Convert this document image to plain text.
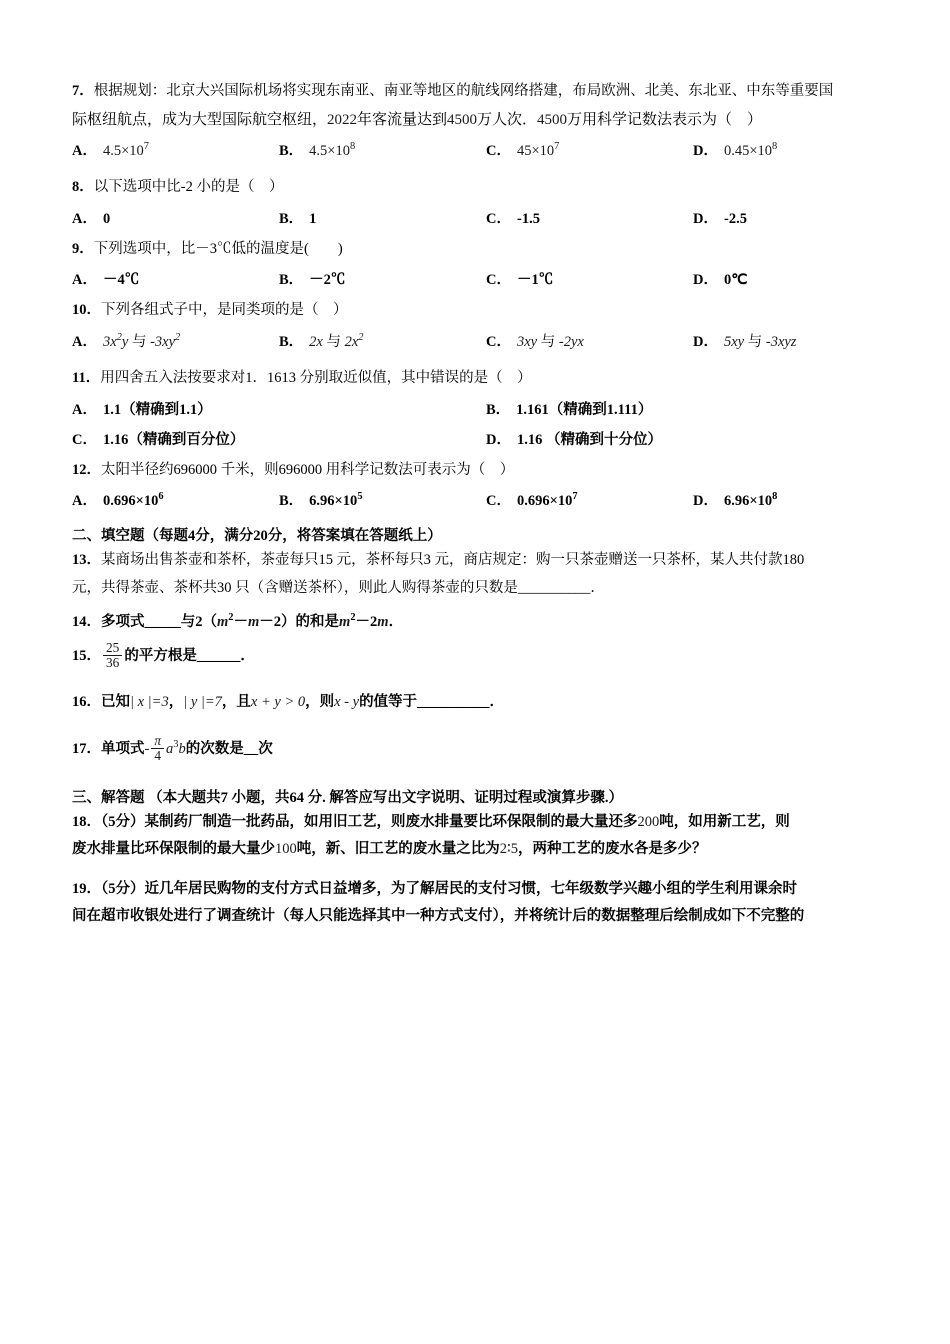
7．根据规划：北京大兴国际机场将实现东南亚、南亚等地区的航线网络搭建，布局欧洲、北美、东北亚、中东等重要国
际枢纽航点，成为大型国际航空枢纽，2022年客流量达到4500万人次．4500万用科学记数法表示为（　）
A． $4.5\times 10^7$	B． $4.5\times 10^8$	C． $45\times 10^7$	D． $0.45\times 10^8$
8．以下选项中比-2 小的是（　）
A． 0	B． 1	C． -1.5	D． -2.5
9．下列选项中，比－3℃低的温度是(　　)
A． －4℃	B． －2℃	C． －1℃	D． 0℃
10．下列各组式子中，是同类项的是（　）
A． $3x^2y$ 与 $-3xy^2$	B． 2x 与 $2x^2$	C． 3xy 与 -2yx	D． 5xy 与 -3xyz
11．用四舍五入法按要求对1．1613 分别取近似值，其中错误的是（　）
A． 1.1（精确到1.1）	B． 1.161（精确到1.111）
C． 1.16（精确到百分位）	D． 1.16 （精确到十分位）
12．太阳半径约696000 千米，则696000 用科学记数法可表示为（　）
A． $0.696\times 10^6$	B． $6.96\times 10^5$	C． $0.696\times 10^7$	D． $6.96\times 10^8$
二、填空题（每题4分，满分20分，将答案填在答题纸上）
13．某商场出售茶壶和茶杯，茶壶每只15 元，茶杯每只3 元，商店规定：购一只茶壶赠送一只茶杯，某人共付款180
元，共得茶壶、茶杯共30 只（含赠送茶杯），则此人购得茶壶的只数是__________．
14．多项式_____与$2(m^2-m-2)$的和是$m^2-2m$．
15． $\frac{25}{36}$ 的平方根是______．
16．已知| x |=3，| y |=7，且x + y > 0，则x - y的值等于__________．
17．单项式- $\frac{\pi}{4} a^3b$的次数是__次
三、解答题 （本大题共7 小题，共64 分. 解答应写出文字说明、证明过程或演算步骤.）
18．（5分）某制药厂制造一批药品，如用旧工艺，则废水排量要比环保限制的最大量还多200吨，如用新工艺，则
废水排量比环保限制的最大量少100吨，新、旧工艺的废水量之比为2∶5，两种工艺的废水各是多少？
19．（5分）近几年居民购物的支付方式日益增多，为了解居民的支付习惯，七年级数学兴趣小组的学生利用课余时
间在超市收银处进行了调查统计（每人只能选择其中一种方式支付），并将统计后的数据整理后绘制成如下不完整的
